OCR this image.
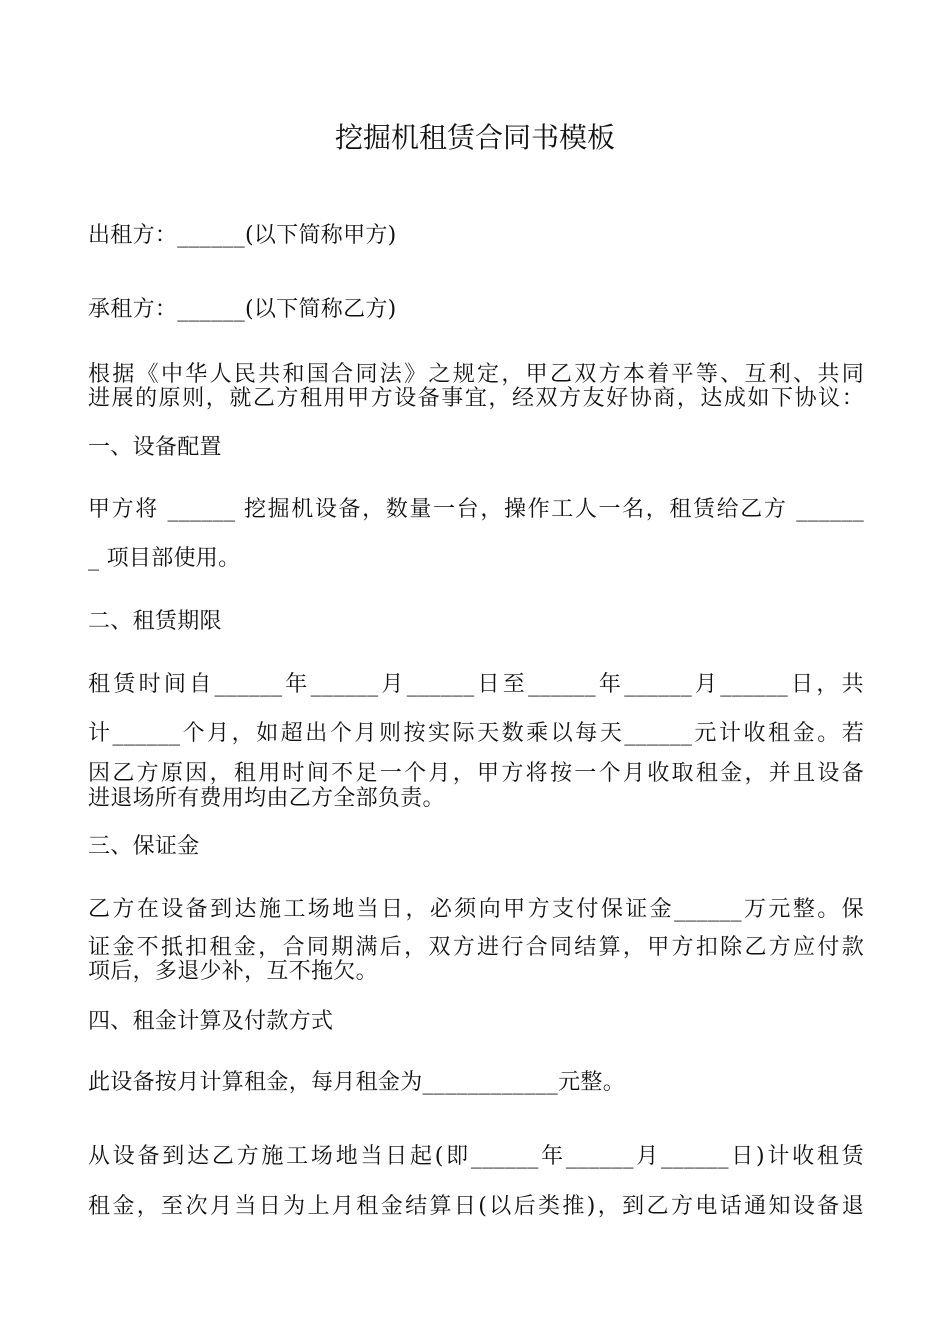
挖掘机租赁合同书模板
出租方：______(以下简称甲方)
承租方：______(以下简称乙方)
根据《中华人民共和国合同法》之规定，甲乙双方本着平等、互利、共同
进展的原则，就乙方租用甲方设备事宜，经双方友好协商，达成如下协议：
一、设备配置
甲方将 ______ 挖掘机设备，数量一台，操作工人一名，租赁给乙方 ______
_ 项目部使用。
二、租赁期限
租赁时间自______年______月______日至______年______月______日，共
计______个月，如超出个月则按实际天数乘以每天______元计收租金。若
因乙方原因，租用时间不足一个月，甲方将按一个月收取租金，并且设备
进退场所有费用均由乙方全部负责。
三、保证金
乙方在设备到达施工场地当日，必须向甲方支付保证金______万元整。保
证金不抵扣租金，合同期满后，双方进行合同结算，甲方扣除乙方应付款
项后，多退少补，互不拖欠。
四、租金计算及付款方式
此设备按月计算租金，每月租金为____________元整。
从设备到达乙方施工场地当日起(即______年______月______日)计收租赁
租金，至次月当日为上月租金结算日(以后类推)，到乙方电话通知设备退
